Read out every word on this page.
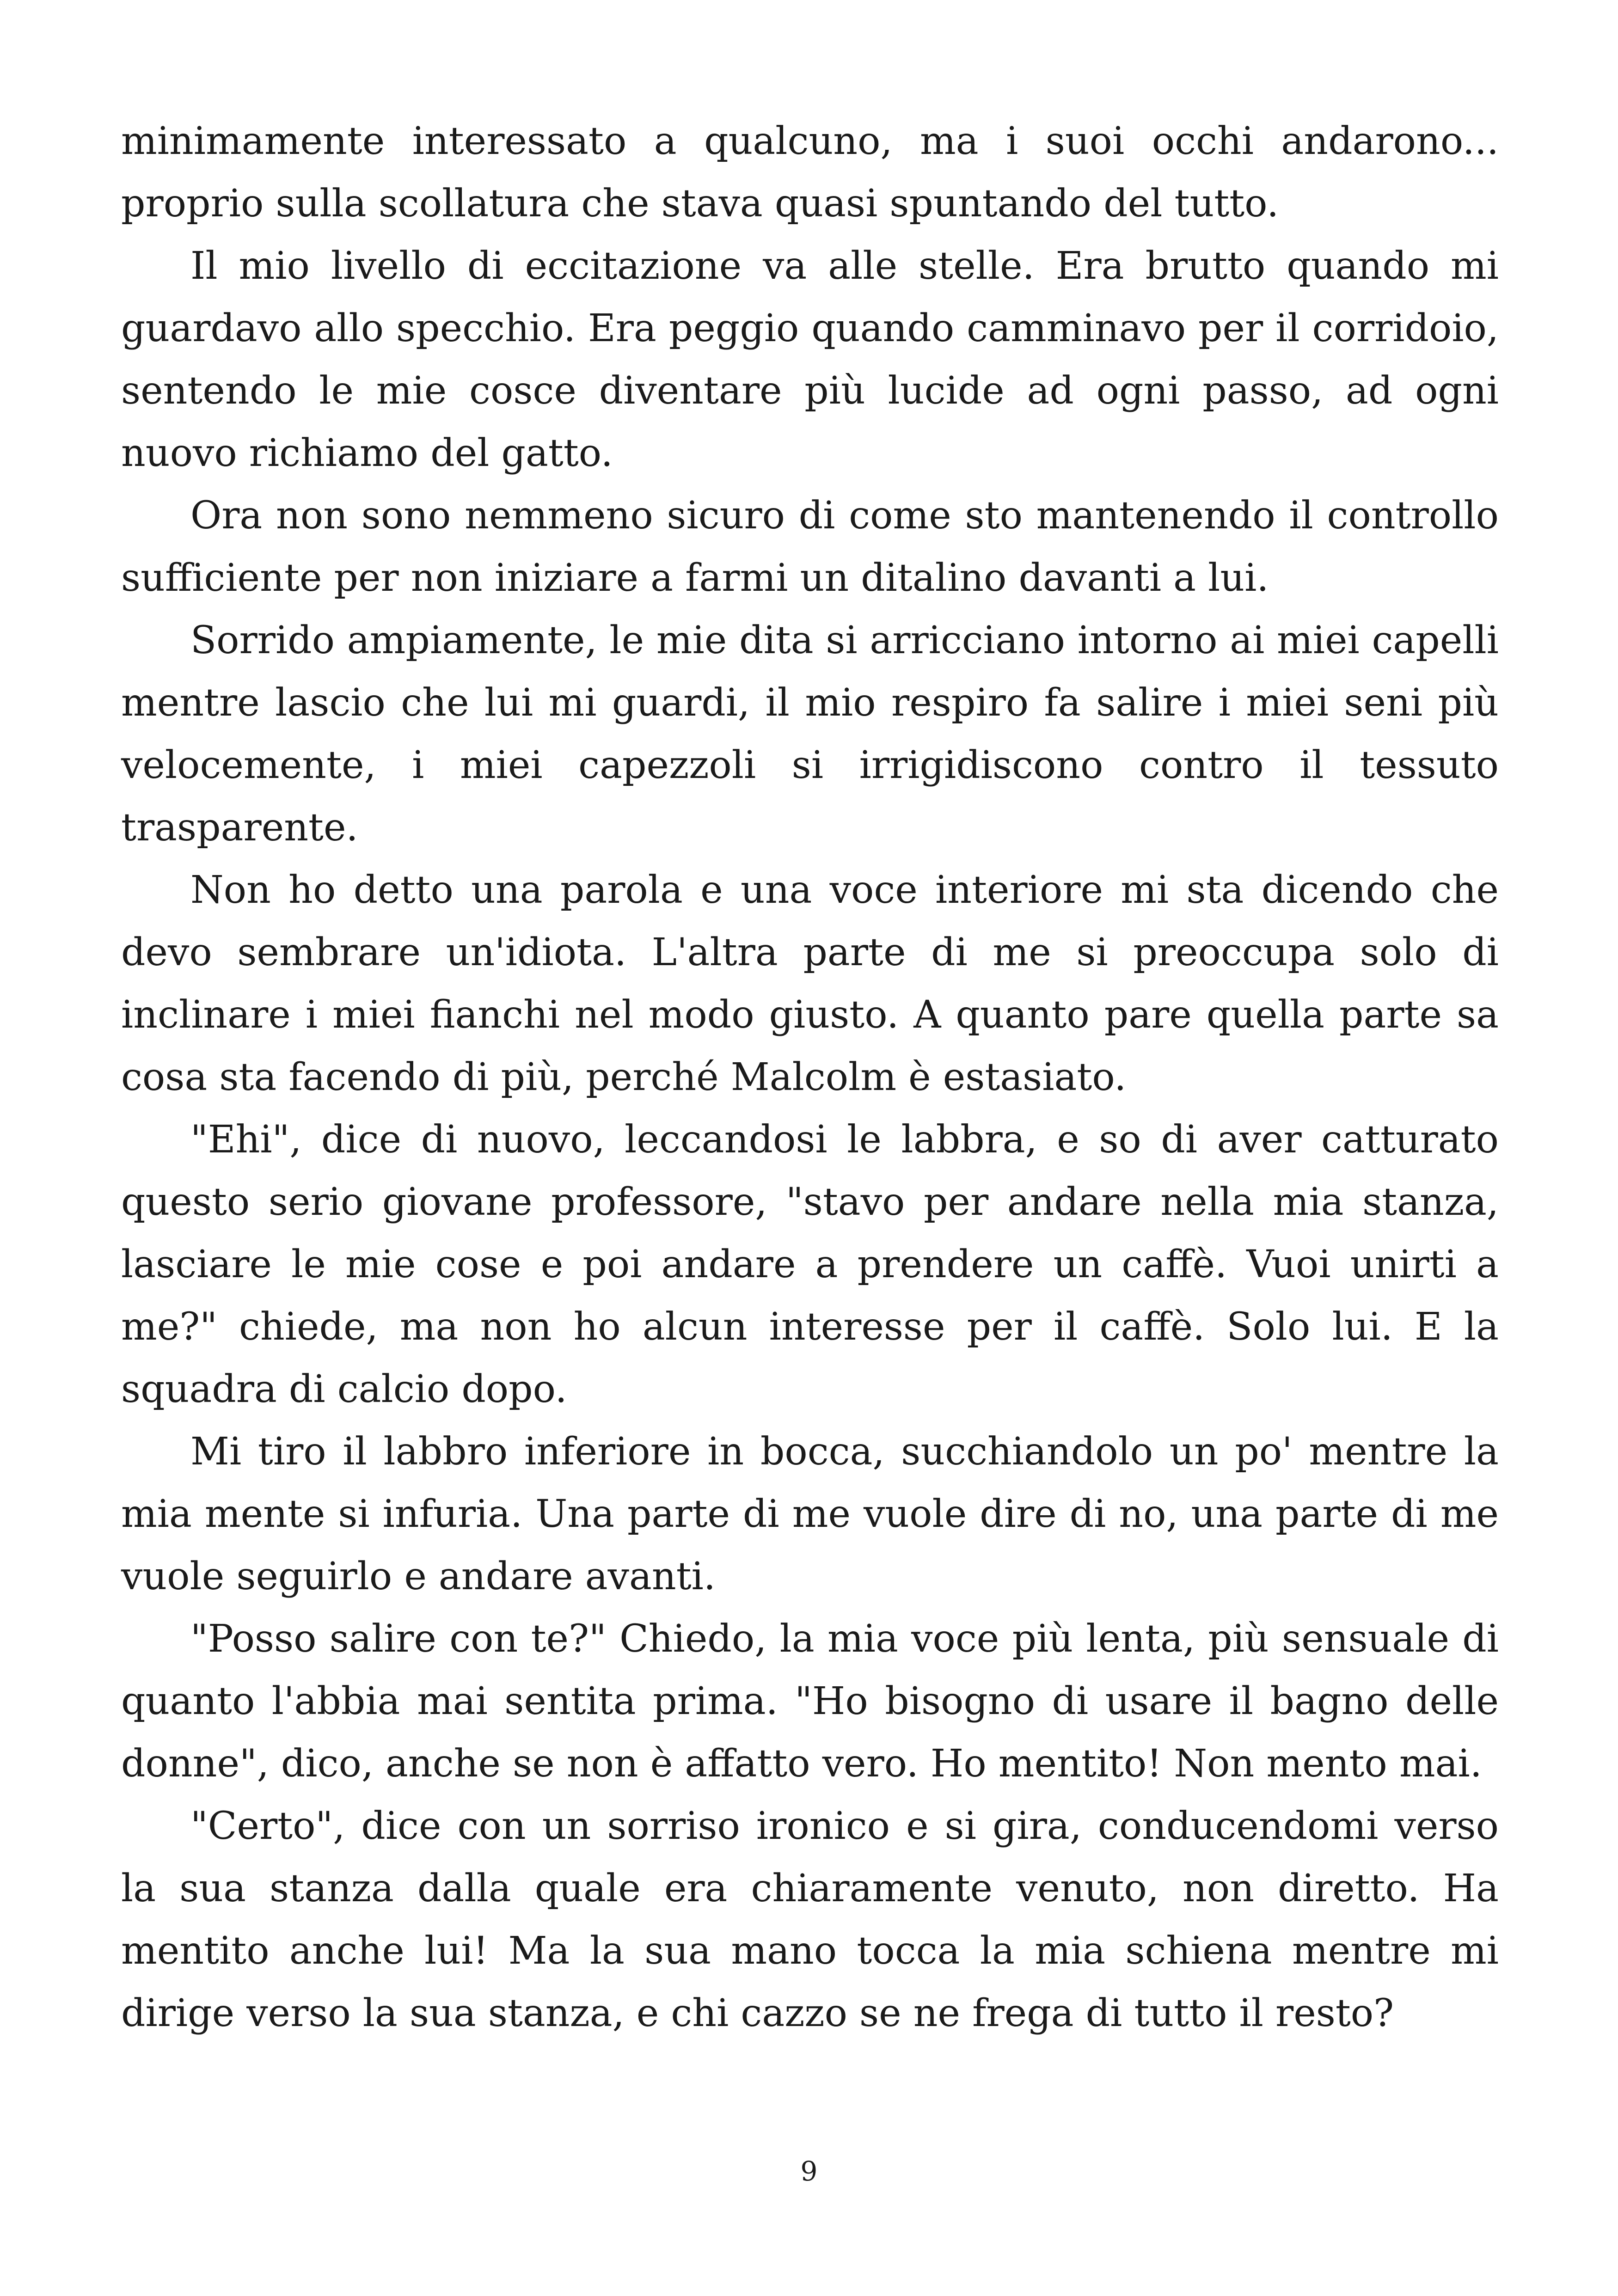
minimamente interessato a qualcuno, ma i suoi occhi andarono... proprio sulla scollatura che stava quasi spuntando del tutto.

Il mio livello di eccitazione va alle stelle. Era brutto quando mi guardavo allo specchio. Era peggio quando camminavo per il corridoio, sentendo le mie cosce diventare più lucide ad ogni passo, ad ogni nuovo richiamo del gatto.

Ora non sono nemmeno sicuro di come sto mantenendo il controllo sufficiente per non iniziare a farmi un ditalino davanti a lui.

Sorrido ampiamente, le mie dita si arricciano intorno ai miei capelli mentre lascio che lui mi guardi, il mio respiro fa salire i miei seni più velocemente, i miei capezzoli si irrigidiscono contro il tessuto trasparente.

Non ho detto una parola e una voce interiore mi sta dicendo che devo sembrare un'idiota. L'altra parte di me si preoccupa solo di inclinare i miei fianchi nel modo giusto. A quanto pare quella parte sa cosa sta facendo di più, perché Malcolm è estasiato.

"Ehi", dice di nuovo, leccandosi le labbra, e so di aver catturato questo serio giovane professore, "stavo per andare nella mia stanza, lasciare le mie cose e poi andare a prendere un caffè. Vuoi unirti a me?" chiede, ma non ho alcun interesse per il caffè. Solo lui. E la squadra di calcio dopo.

Mi tiro il labbro inferiore in bocca, succhiandolo un po' mentre la mia mente si infuria. Una parte di me vuole dire di no, una parte di me vuole seguirlo e andare avanti.

"Posso salire con te?" Chiedo, la mia voce più lenta, più sensuale di quanto l'abbia mai sentita prima. "Ho bisogno di usare il bagno delle donne", dico, anche se non è affatto vero. Ho mentito! Non mento mai.

"Certo", dice con un sorriso ironico e si gira, conducendomi verso la sua stanza dalla quale era chiaramente venuto, non diretto. Ha mentito anche lui! Ma la sua mano tocca la mia schiena mentre mi dirige verso la sua stanza, e chi cazzo se ne frega di tutto il resto?

9
